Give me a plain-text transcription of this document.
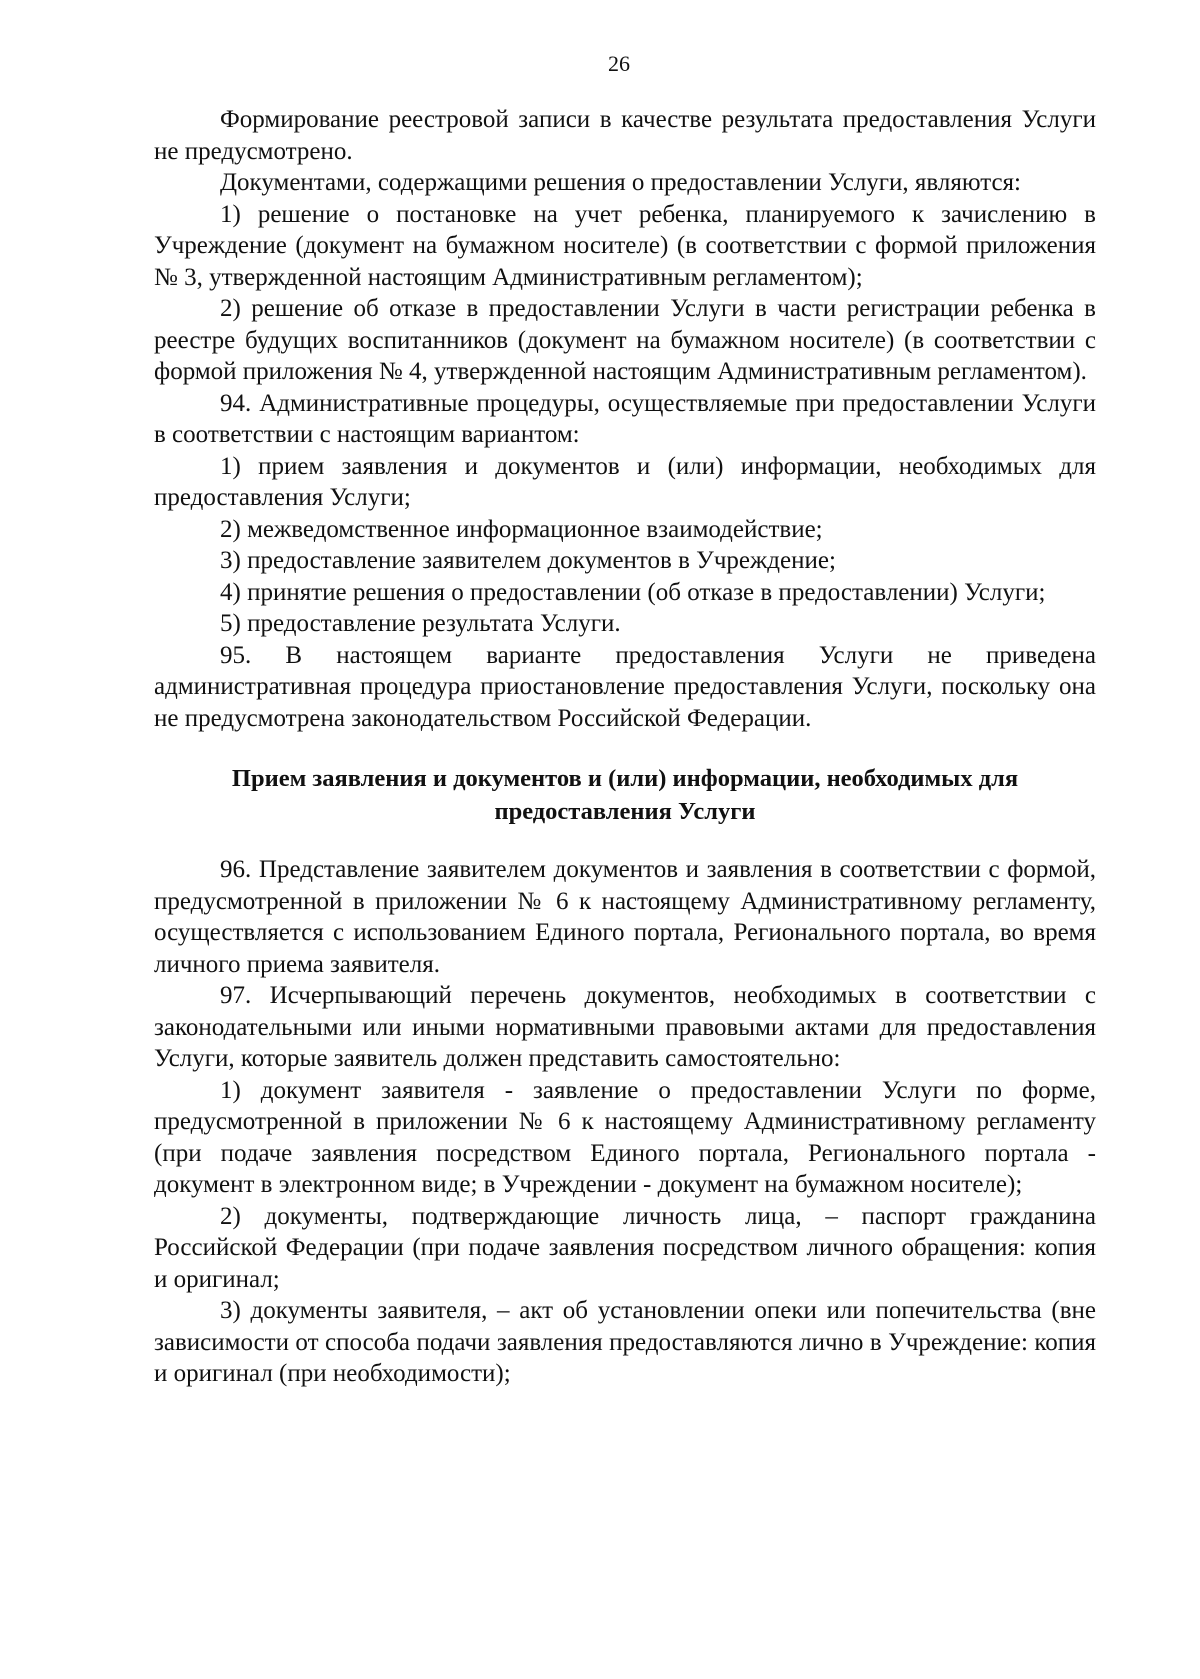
26

Формирование реестровой записи в качестве результата предоставления Услуги не предусмотрено.

Документами, содержащими решения о предоставлении Услуги, являются:

1) решение о постановке на учет ребенка, планируемого к зачислению в Учреждение (документ на бумажном носителе) (в соответствии с формой приложения № 3, утвержденной настоящим Административным регламентом);

2) решение об отказе в предоставлении Услуги в части регистрации ребенка в реестре будущих воспитанников (документ на бумажном носителе) (в соответствии с формой приложения № 4, утвержденной настоящим Административным регламентом).

94. Административные процедуры, осуществляемые при предоставлении Услуги в соответствии с настоящим вариантом:

1) прием заявления и документов и (или) информации, необходимых для предоставления Услуги;

2) межведомственное информационное взаимодействие;

3) предоставление заявителем документов в Учреждение;

4) принятие решения о предоставлении (об отказе в предоставлении) Услуги;

5) предоставление результата Услуги.

95. В настоящем варианте предоставления Услуги не приведена административная процедура приостановление предоставления Услуги, поскольку она не предусмотрена законодательством Российской Федерации.

Прием заявления и документов и (или) информации, необходимых для предоставления Услуги

96. Представление заявителем документов и заявления в соответствии с формой, предусмотренной в приложении № 6 к настоящему Административному регламенту, осуществляется с использованием Единого портала, Регионального портала, во время личного приема заявителя.

97. Исчерпывающий перечень документов, необходимых в соответствии с законодательными или иными нормативными правовыми актами для предоставления Услуги, которые заявитель должен представить самостоятельно:

1) документ заявителя - заявление о предоставлении Услуги по форме, предусмотренной в приложении № 6 к настоящему Административному регламенту (при подаче заявления посредством Единого портала, Регионального портала - документ в электронном виде; в Учреждении - документ на бумажном носителе);

2) документы, подтверждающие личность лица, – паспорт гражданина Российской Федерации (при подаче заявления посредством личного обращения: копия и оригинал;

3) документы заявителя, – акт об установлении опеки или попечительства (вне зависимости от способа подачи заявления предоставляются лично в Учреждение: копия и оригинал (при необходимости);
